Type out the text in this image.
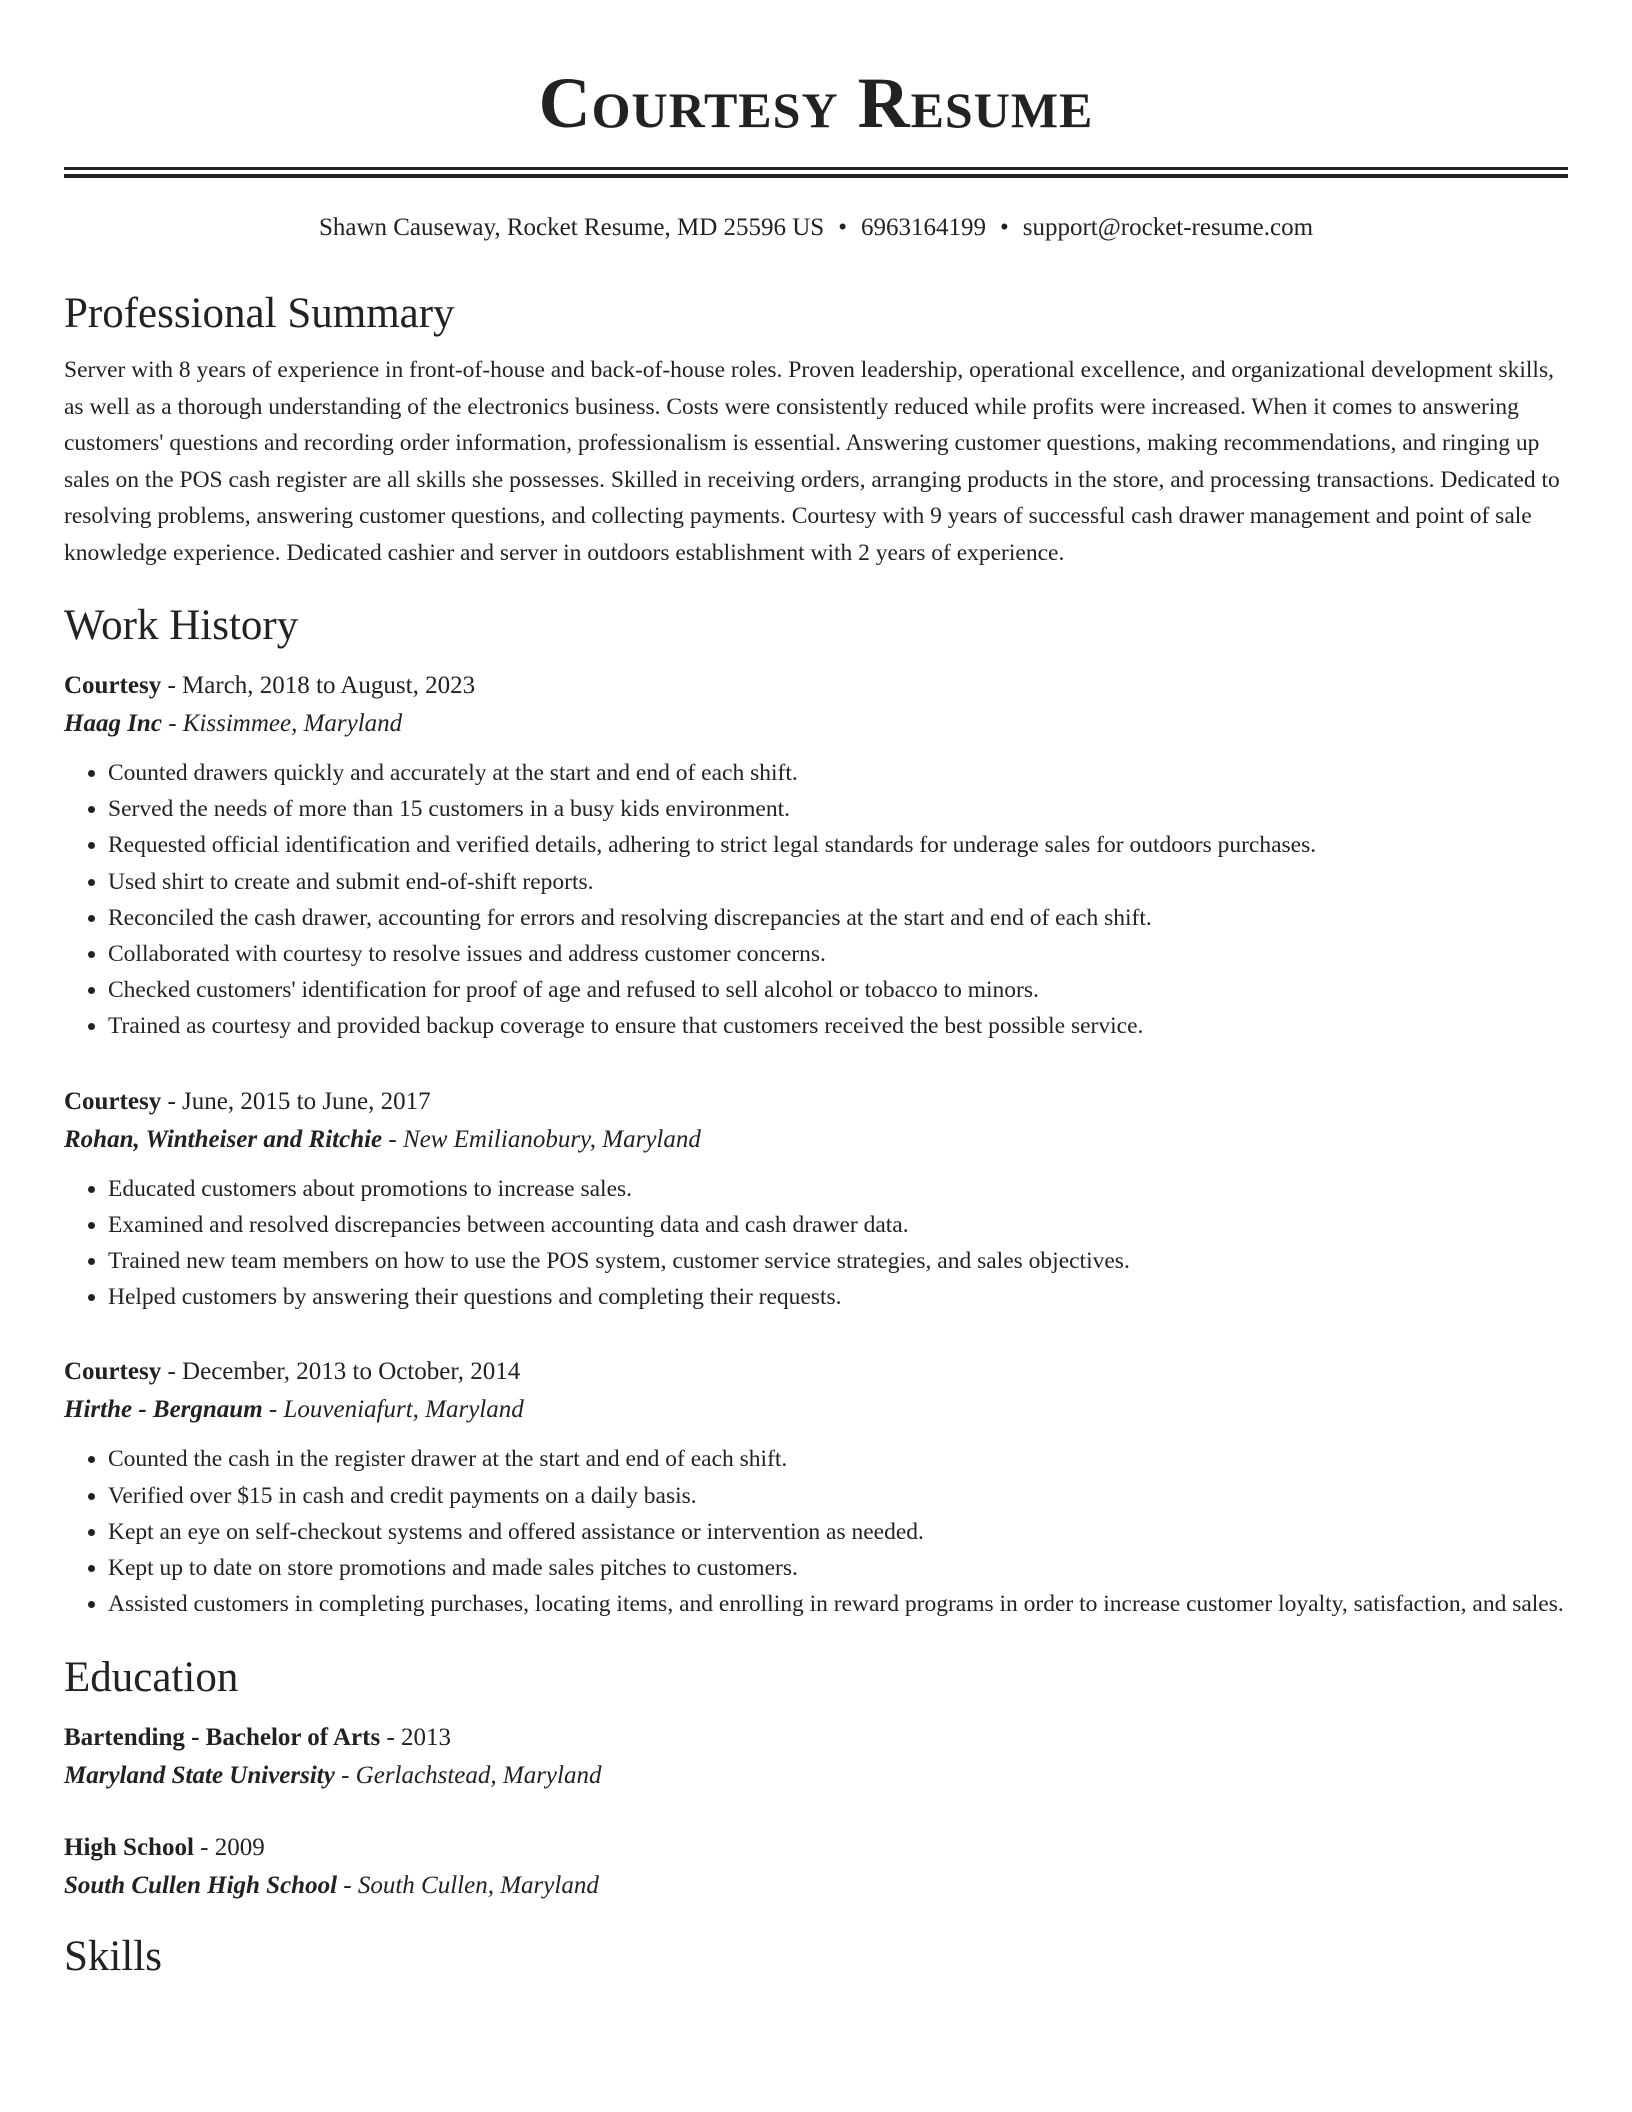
Courtesy Resume
Shawn Causeway, Rocket Resume, MD 25596 US • 6963164199 • support@rocket-resume.com
Professional Summary
Server with 8 years of experience in front-of-house and back-of-house roles. Proven leadership, operational excellence, and organizational development skills, as well as a thorough understanding of the electronics business. Costs were consistently reduced while profits were increased. When it comes to answering customers' questions and recording order information, professionalism is essential. Answering customer questions, making recommendations, and ringing up sales on the POS cash register are all skills she possesses. Skilled in receiving orders, arranging products in the store, and processing transactions. Dedicated to resolving problems, answering customer questions, and collecting payments. Courtesy with 9 years of successful cash drawer management and point of sale knowledge experience. Dedicated cashier and server in outdoors establishment with 2 years of experience.
Work History
Courtesy - March, 2018 to August, 2023
Haag Inc - Kissimmee, Maryland
• Counted drawers quickly and accurately at the start and end of each shift.
• Served the needs of more than 15 customers in a busy kids environment.
• Requested official identification and verified details, adhering to strict legal standards for underage sales for outdoors purchases.
• Used shirt to create and submit end-of-shift reports.
• Reconciled the cash drawer, accounting for errors and resolving discrepancies at the start and end of each shift.
• Collaborated with courtesy to resolve issues and address customer concerns.
• Checked customers' identification for proof of age and refused to sell alcohol or tobacco to minors.
• Trained as courtesy and provided backup coverage to ensure that customers received the best possible service.
Courtesy - June, 2015 to June, 2017
Rohan, Wintheiser and Ritchie - New Emilianobury, Maryland
• Educated customers about promotions to increase sales.
• Examined and resolved discrepancies between accounting data and cash drawer data.
• Trained new team members on how to use the POS system, customer service strategies, and sales objectives.
• Helped customers by answering their questions and completing their requests.
Courtesy - December, 2013 to October, 2014
Hirthe - Bergnaum - Louveniafurt, Maryland
• Counted the cash in the register drawer at the start and end of each shift.
• Verified over $15 in cash and credit payments on a daily basis.
• Kept an eye on self-checkout systems and offered assistance or intervention as needed.
• Kept up to date on store promotions and made sales pitches to customers.
• Assisted customers in completing purchases, locating items, and enrolling in reward programs in order to increase customer loyalty, satisfaction, and sales.
Education
Bartending - Bachelor of Arts - 2013
Maryland State University - Gerlachstead, Maryland
High School - 2009
South Cullen High School - South Cullen, Maryland
Skills
